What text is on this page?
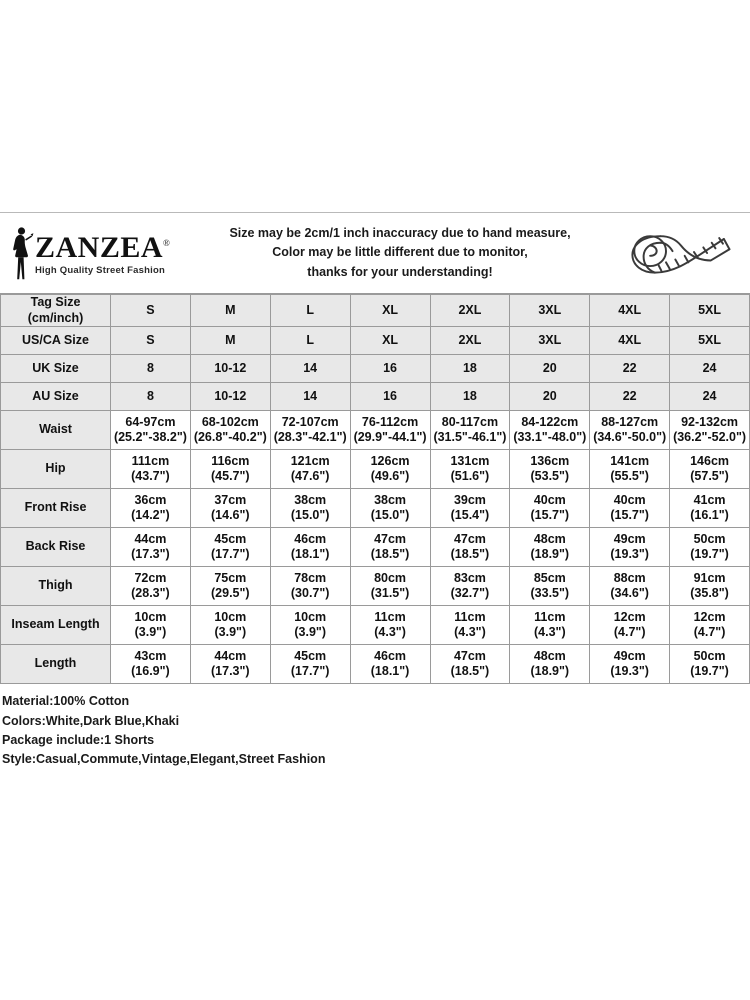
ZANZEA®
High Quality Street Fashion
Size may be 2cm/1 inch inaccuracy due to hand measure,
Color may be little different due to monitor,
thanks for your understanding!
Tag Size
(cm/inch)	S	M	L	XL	2XL	3XL	4XL	5XL
US/CA Size	S	M	L	XL	2XL	3XL	4XL	5XL
UK Size	8	10-12	14	16	18	20	22	24
AU Size	8	10-12	14	16	18	20	22	24
Waist	64-97cm
(25.2"-38.2")	68-102cm
(26.8"-40.2")	72-107cm
(28.3"-42.1")	76-112cm
(29.9"-44.1")	80-117cm
(31.5"-46.1")	84-122cm
(33.1"-48.0")	88-127cm
(34.6"-50.0")	92-132cm
(36.2"-52.0")

Hip	111cm
(43.7")	116cm
(45.7")	121cm
(47.6")	126cm
(49.6")	131cm
(51.6")	136cm
(53.5")	141cm
(55.5")	146cm
(57.5")

Front Rise	36cm
(14.2")	37cm
(14.6")	38cm
(15.0")	38cm
(15.0")	39cm
(15.4")	40cm
(15.7")	40cm
(15.7")	41cm
(16.1")

Back Rise	44cm
(17.3")	45cm
(17.7")	46cm
(18.1")	47cm
(18.5")	47cm
(18.5")	48cm
(18.9")	49cm
(19.3")	50cm
(19.7")

Thigh	72cm
(28.3")	75cm
(29.5")	78cm
(30.7")	80cm
(31.5")	83cm
(32.7")	85cm
(33.5")	88cm
(34.6")	91cm
(35.8")

Inseam Length	10cm
(3.9")	10cm
(3.9")	10cm
(3.9")	11cm
(4.3")	11cm
(4.3")	11cm
(4.3")	12cm
(4.7")	12cm
(4.7")

Length	43cm
(16.9")	44cm
(17.3")	45cm
(17.7")	46cm
(18.1")	47cm
(18.5")	48cm
(18.9")	49cm
(19.3")	50cm
(19.7")
Material:100% Cotton
Colors:White,Dark Blue,Khaki
Package include:1 Shorts
Style:Casual,Commute,Vintage,Elegant,Street Fashion
